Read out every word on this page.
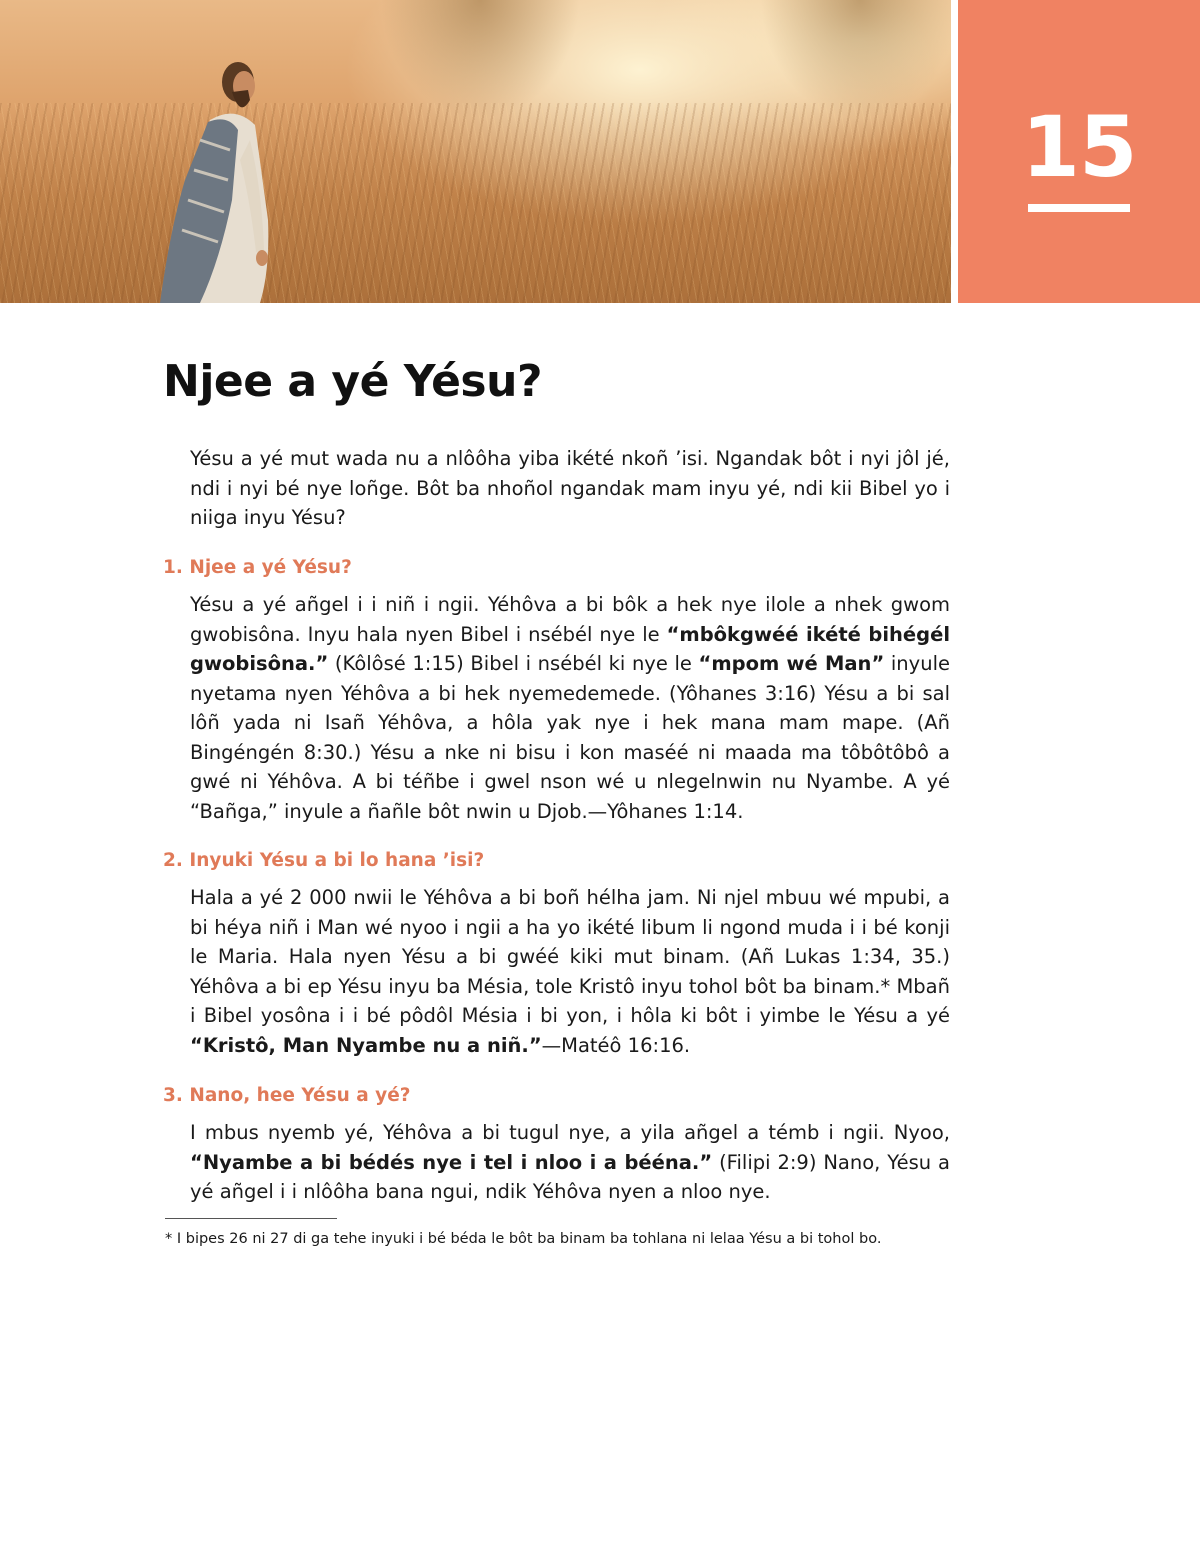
15
Njee a yé Yésu?

Yésu a yé mut wada nu a nlôôha yiba ikété nkoñ ’isi. Ngandak bôt i nyi jôl jé, ndi i nyi bé nye loñge. Bôt ba nhoñol ngandak mam inyu yé, ndi kii Bibel yo i niiga inyu Yésu?

1. Njee a yé Yésu?

Yésu a yé añgel i i niñ i ngii. Yéhôva a bi bôk a hek nye ilole a nhek gwom gwobisôna. Inyu hala nyen Bibel i nsébél nye le “mbôkgwéé ikété bihégél gwobisôna.” (Kôlôsé 1:15) Bibel i nsébél ki nye le “mpom wé Man” inyule nyetama nyen Yéhôva a bi hek nyemedemede. (Yôhanes 3:16) Yésu a bi sal lôñ yada ni Isañ Yéhôva, a hôla yak nye i hek mana mam mape. (Añ Bingéngén 8:30.) Yésu a nke ni bisu i kon maséé ni maada ma tôbôtôbô a gwé ni Yéhôva. A bi téñbe i gwel nson wé u nlegelnwin nu Nyambe. A yé “Bañga,” inyule a ñañle bôt nwin u Djob.—Yôhanes 1:14.

2. Inyuki Yésu a bi lo hana ’isi?

Hala a yé 2 000 nwii le Yéhôva a bi boñ hélha jam. Ni njel mbuu wé mpubi, a bi héya niñ i Man wé nyoo i ngii a ha yo ikété libum li ngond muda i i bé konji le Maria. Hala nyen Yésu a bi gwéé kiki mut binam. (Añ Lukas 1:34, 35.) Yéhôva a bi ep Yésu inyu ba Mésia, tole Kristô inyu tohol bôt ba binam.* Mbañ i Bibel yosôna i i bé pôdôl Mésia i bi yon, i hôla ki bôt i yimbe le Yésu a yé “Kristô, Man Nyambe nu a niñ.”—Matéô 16:16.

3. Nano, hee Yésu a yé?

I mbus nyemb yé, Yéhôva a bi tugul nye, a yila añgel a témb i ngii. Nyoo, “Nyambe a bi bédés nye i tel i nloo i a bééna.” (Filipi 2:9) Nano, Yésu a yé añgel i i nlôôha bana ngui, ndik Yéhôva nyen a nloo nye.

* I bipes 26 ni 27 di ga tehe inyuki i bé béda le bôt ba binam ba tohlana ni lelaa Yésu a bi tohol bo.
